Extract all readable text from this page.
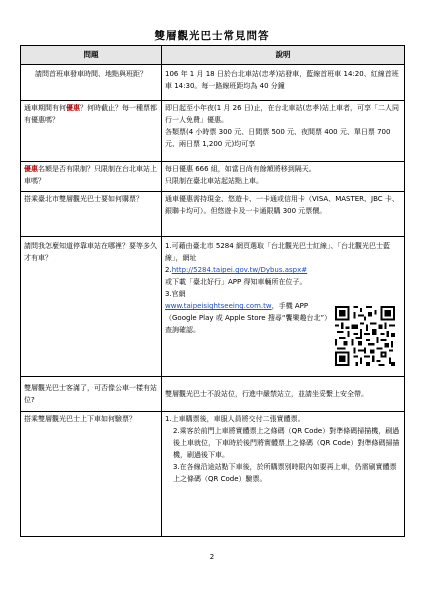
雙層觀光巴士常見問答
問題	說明
請問首班車發車時間、地點與班距？	106 年 1 月 18 日於台北車站(忠孝)站發車，藍線首班車 14:20、紅線首班車 14:30。每一路線班距均為 40 分鐘
通車期間有何優惠？何時截止？每一種票都有優惠嗎？	即日起至小年夜(1 月 26 日)止，在台北車站(忠孝)站上車者，可享「二人同行一人免費」優惠。
各類票(4 小時票 300 元、日間票 500 元、夜間票 400 元、單日票 700 元、兩日票 1,200 元)均可享
優惠名額是否有限制？只限制在台北車站上車嗎？	每日優惠 666 組，如當日尚有餘額將移到隔天。
只限制在臺北車站起站點上車。
搭乘臺北市雙層觀光巴士要如何購票？	通車優惠需持現金、悠遊卡、一卡通或信用卡（VISA、MASTER、JBC 卡、銀聯卡均可）。但悠遊卡及一卡通限購 300 元票價。
請問我怎麼知道停靠車站在哪裡？要等多久才有車？	1.可藉由臺北市 5284 網頁選取「台北觀光巴士紅線」、「台北觀光巴士藍線」，網址
2.http://5284.taipei.gov.tw/Dybus.aspx#
或下載「臺北好行」APP 得知車輛所在位子。
3.官網

www.taipeisightseeing.com.tw，手機 APP（Google Play 或 Apple Store 搜尋“饗樂趣台北”）查詢確認。

雙層觀光巴士客滿了，可否像公車一樣有站位?	雙層觀光巴士不設站位，行進中嚴禁站立，並請坐妥繫上安全帶。
搭乘雙層觀光巴士上下車如何驗票？	1.上車購票後，車服人員將交付二張實體票。
2.乘客於前門上車將實體票上之條碼（QR Code）對準條碼掃描機，刷過後上車就位，下車時於後門將實體票上之條碼（QR Code）對準條碼掃描機，刷過後下車。
3.在各線沿途站點下車後，於所購票別時限內如要再上車，仍需刷實體票上之條碼（QR Code）驗票。
2
